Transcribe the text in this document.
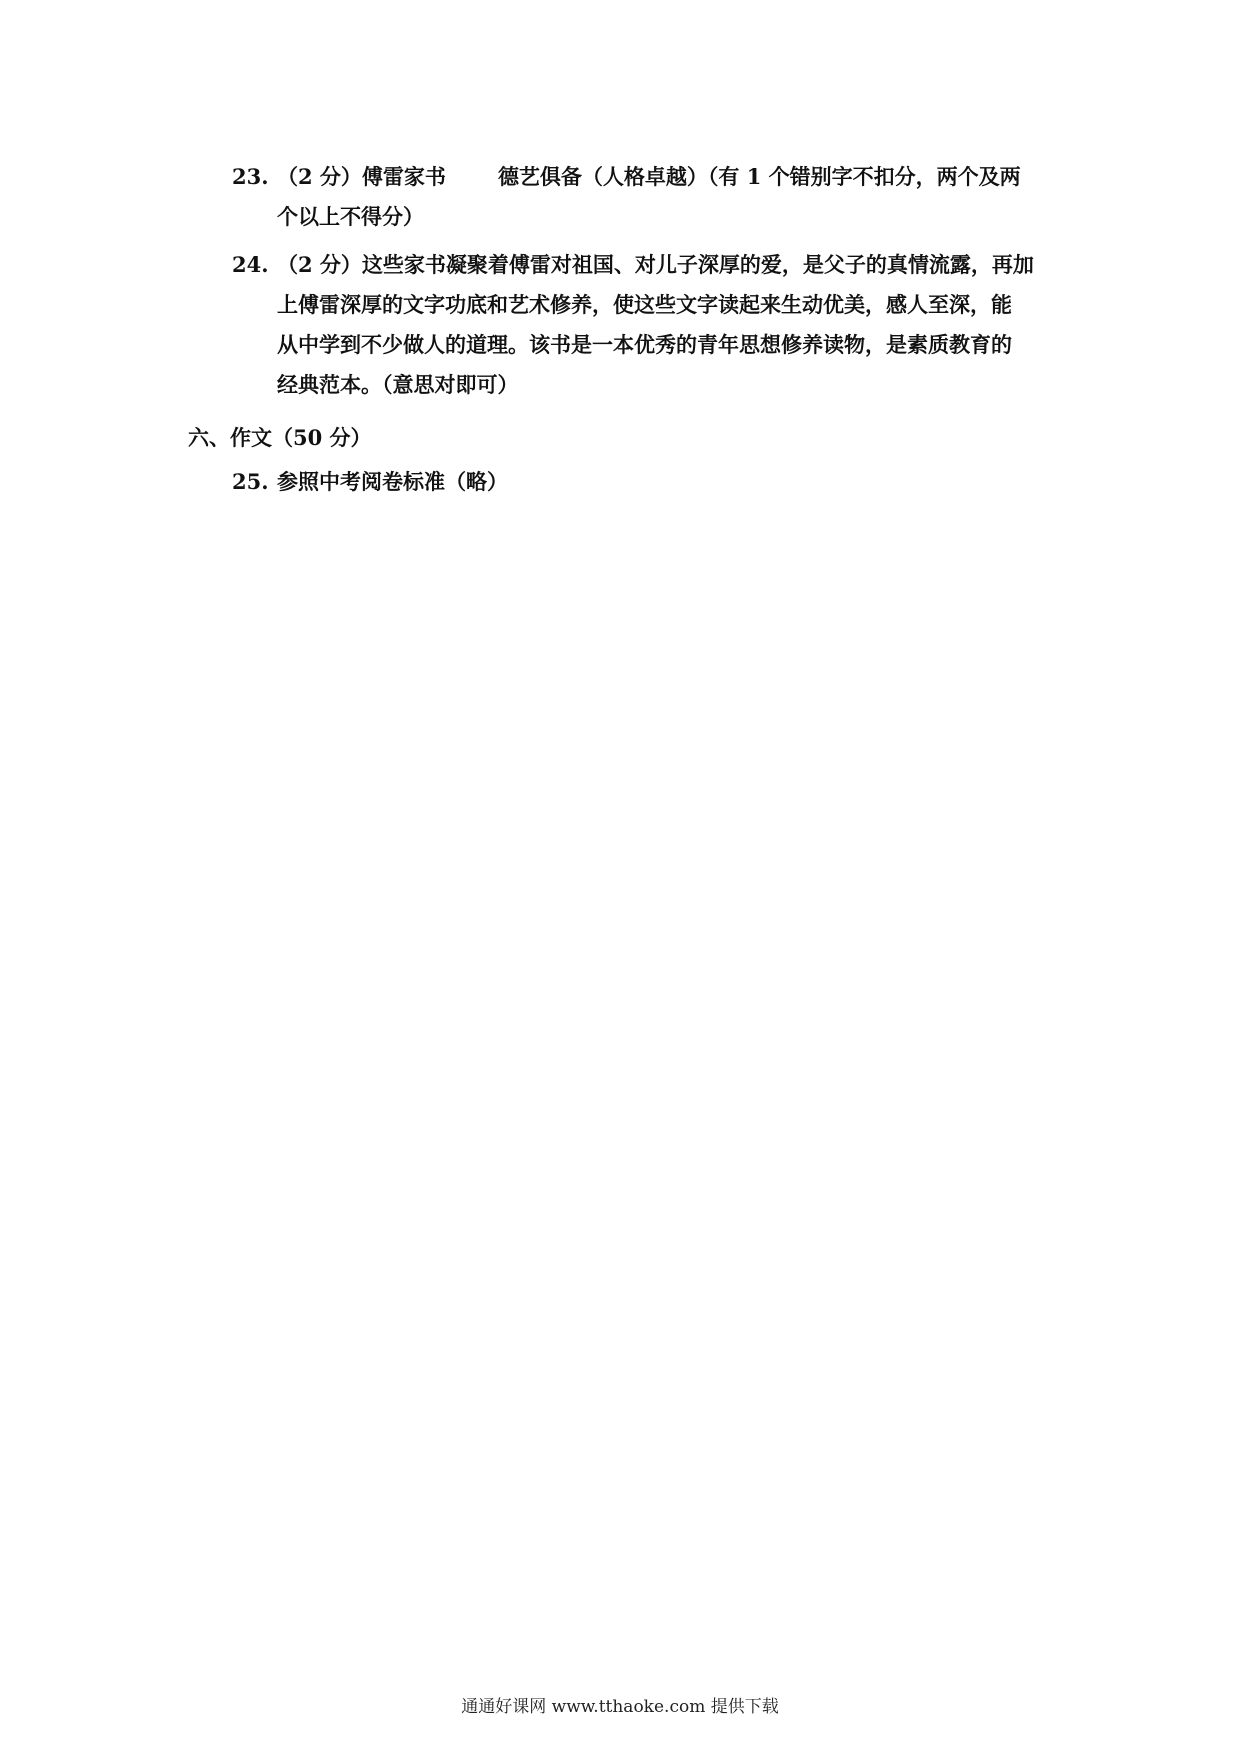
23. （2 分）傅雷家书 德艺俱备（人格卓越）（有 1 个错别字不扣分，两个及两
个以上不得分）
24. （2 分）这些家书凝聚着傅雷对祖国、对儿子深厚的爱，是父子的真情流露，再加
上傅雷深厚的文字功底和艺术修养，使这些文字读起来生动优美，感人至深，能
从中学到不少做人的道理。该书是一本优秀的青年思想修养读物，是素质教育的
经典范本。（意思对即可）
六、作文（50 分）
25. 参照中考阅卷标准（略）
通通好课网 www.tthaoke.com 提供下载
